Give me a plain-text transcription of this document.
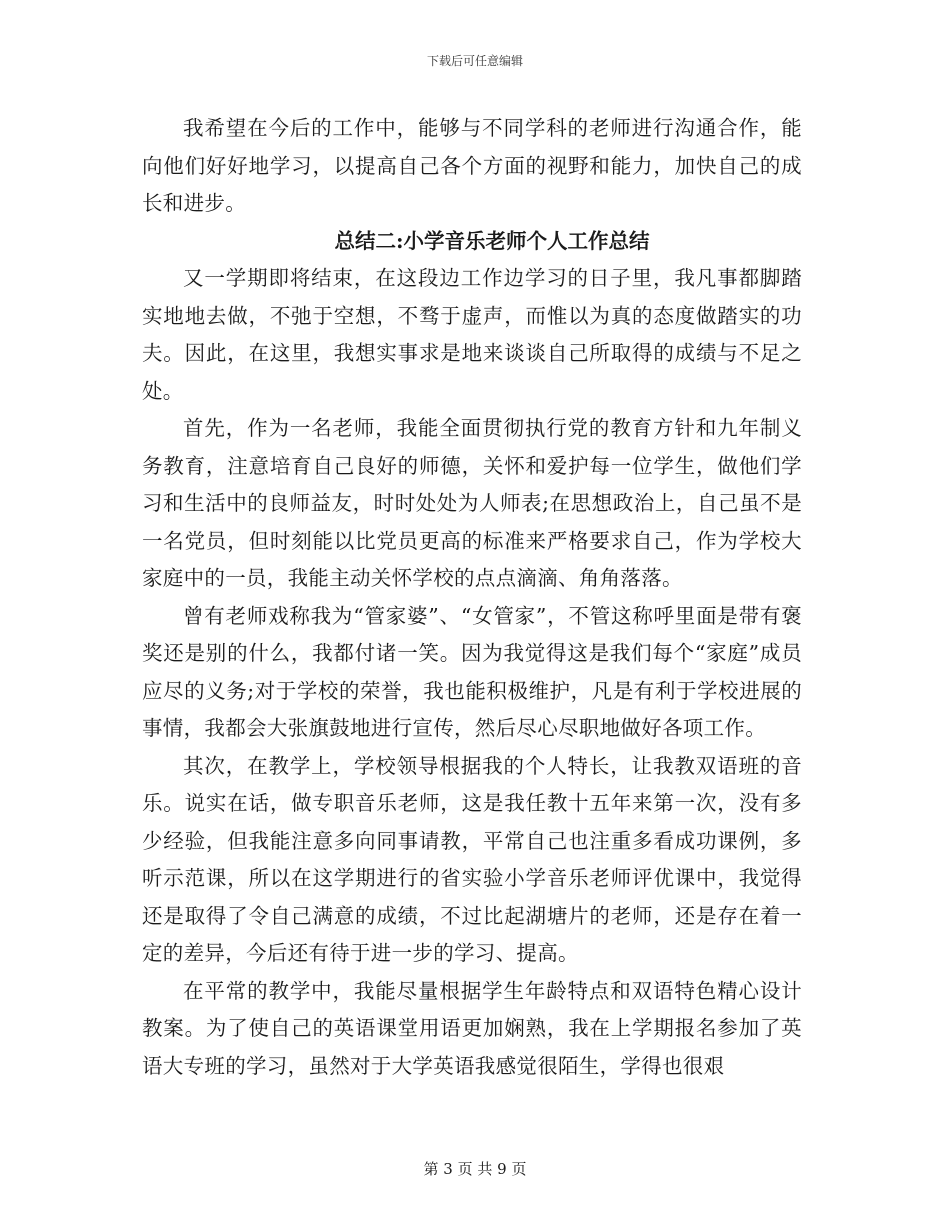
下载后可任意编辑

我希望在今后的工作中，能够与不同学科的老师进行沟通合作，能向他们好好地学习，以提高自己各个方面的视野和能力，加快自己的成长和进步。

总结二:小学音乐老师个人工作总结

又一学期即将结束，在这段边工作边学习的日子里，我凡事都脚踏实地地去做，不弛于空想，不骛于虚声，而惟以为真的态度做踏实的功夫。因此，在这里，我想实事求是地来谈谈自己所取得的成绩与不足之处。

首先，作为一名老师，我能全面贯彻执行党的教育方针和九年制义务教育，注意培育自己良好的师德，关怀和爱护每一位学生，做他们学习和生活中的良师益友，时时处处为人师表;在思想政治上，自己虽不是一名党员，但时刻能以比党员更高的标准来严格要求自己，作为学校大家庭中的一员，我能主动关怀学校的点点滴滴、角角落落。

曾有老师戏称我为“管家婆”、“女管家”，不管这称呼里面是带有褒奖还是别的什么，我都付诸一笑。因为我觉得这是我们每个“家庭”成员应尽的义务;对于学校的荣誉，我也能积极维护，凡是有利于学校进展的事情，我都会大张旗鼓地进行宣传，然后尽心尽职地做好各项工作。

其次，在教学上，学校领导根据我的个人特长，让我教双语班的音乐。说实在话，做专职音乐老师，这是我任教十五年来第一次，没有多少经验，但我能注意多向同事请教，平常自己也注重多看成功课例，多听示范课，所以在这学期进行的省实验小学音乐老师评优课中，我觉得还是取得了令自己满意的成绩，不过比起湖塘片的老师，还是存在着一定的差异，今后还有待于进一步的学习、提高。

在平常的教学中，我能尽量根据学生年龄特点和双语特色精心设计教案。为了使自己的英语课堂用语更加娴熟，我在上学期报名参加了英语大专班的学习，虽然对于大学英语我感觉很陌生，学得也很艰

第 3 页 共 9 页
